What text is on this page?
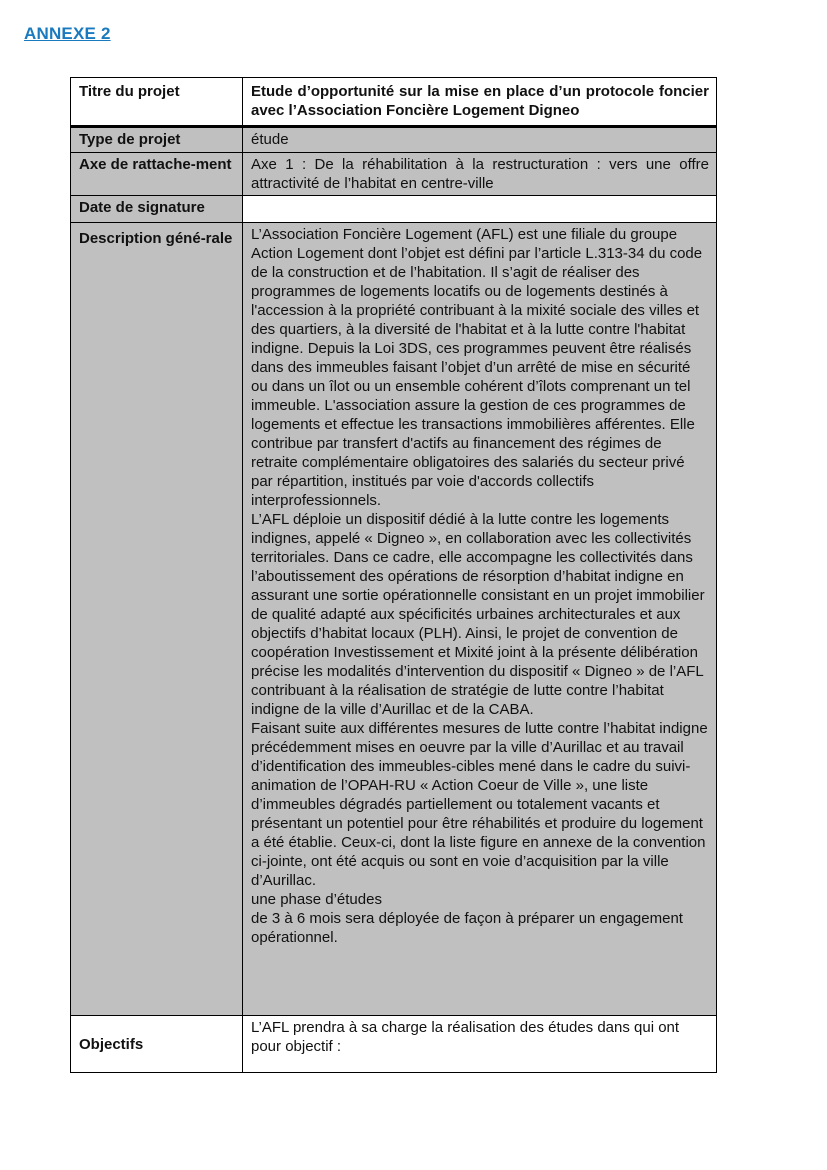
ANNEXE 2
Titre du projet	Etude d’opportunité sur la mise en place d’un protocole foncier avec l’Association Foncière Logement Digneo
Type de projet	étude
Axe de rattache-ment	Axe 1 : De la réhabilitation à la restructuration : vers une offre attractivité de l’habitat en centre-ville
Date de signature	
Description géné-rale	L’Association Foncière Logement (AFL) est une filiale du groupe Action Logement dont l’objet est défini par l’article L.313-34 du code de la construction et de l’habitation. Il s’agit de réaliser des programmes de logements locatifs ou de logements destinés à l'accession à la propriété contribuant à la mixité sociale des villes et des quartiers, à la diversité de l'habitat et à la lutte contre l'habitat indigne. Depuis la Loi 3DS, ces programmes peuvent être réalisés dans des immeubles faisant l’objet d’un arrêté de mise en sécurité ou dans un îlot ou un ensemble cohérent d’îlots comprenant un tel immeuble. L'association assure la gestion de ces programmes de logements et effectue les transactions immobilières afférentes. Elle contribue par transfert d'actifs au financement des régimes de retraite complémentaire obligatoires des salariés du secteur privé par répartition, institués par voie d'accords collectifs interprofessionnels.
L’AFL déploie un dispositif dédié à la lutte contre les logements indignes, appelé « Digneo », en collaboration avec les collectivités territoriales. Dans ce cadre, elle accompagne les collectivités dans l’aboutissement des opérations de résorption d’habitat indigne en assurant une sortie opérationnelle consistant en un projet immobilier de qualité adapté aux spécificités urbaines architecturales et aux objectifs d’habitat locaux (PLH). Ainsi, le projet de convention de coopération Investissement et Mixité joint à la présente délibération précise les modalités d’intervention du dispositif « Digneo » de l’AFL contribuant à la réalisation de stratégie de lutte contre l’habitat indigne de la ville d’Aurillac et de la CABA.
Faisant suite aux différentes mesures de lutte contre l’habitat indigne précédemment mises en oeuvre par la ville d’Aurillac et au travail d’identification des immeubles-cibles mené dans le cadre du suivi-animation de l’OPAH-RU « Action Coeur de Ville », une liste d’immeubles dégradés partiellement ou totalement vacants et présentant un potentiel pour être réhabilités et produire du logement a été établie. Ceux-ci, dont la liste figure en annexe de la convention ci-jointe, ont été acquis ou sont en voie d’acquisition par la ville d’Aurillac.
une phase d’études
de 3 à 6 mois sera déployée de façon à préparer un engagement opérationnel.

Objectifs	L’AFL prendra à sa charge la réalisation des études dans qui ont pour objectif :
